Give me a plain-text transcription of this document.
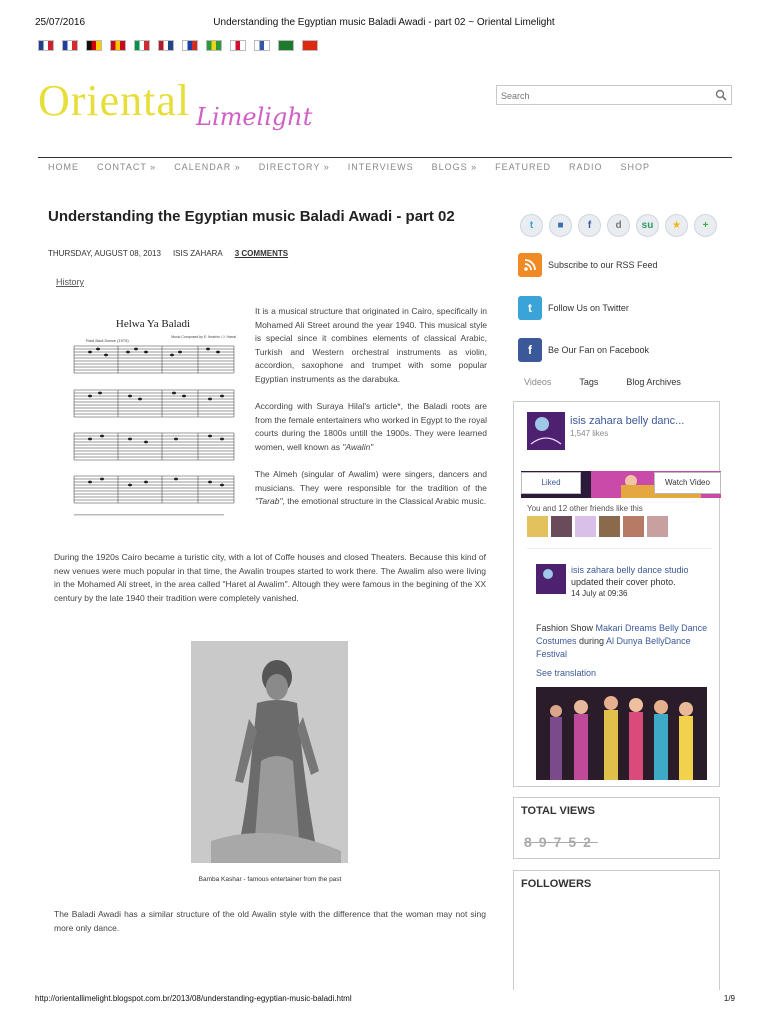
25/07/2016	Understanding the Egyptian music Baladi Awadi - part 02 ~ Oriental Limelight
Oriental Limelight
Search
HOME CONTACT » CALENDAR » DIRECTORY » INTERVIEWS BLOGS » FEATURED RADIO SHOP
Understanding the Egyptian music Baladi Awadi - part 02
THURSDAY, AUGUST 08, 2013 ISIS ZAHARA 3 COMMENTS
History
Helwa Ya Baladi
Raid Badi Dance (1975)
Music Composed by E. Ibrahim / J. Harral
It is a musical structure that originated in Cairo, specifically in Mohamed Ali Street around the year 1940. This musical style is special since it combines elements of classical Arabic, Turkish and Western orchestral instruments as violin, accordion, saxophone and trumpet with some popular Egyptian instruments as the darabuka.
According with Suraya Hilal's article*, the Baladi roots are from the female entertainers who worked in Egypt to the royal courts during the 1800s untill the 1900s. They were learned women, well known as "Awalin"
The Almeh (singular of Awalim) were singers, dancers and musicians. They were responsible for the tradition of the "Tarab", the emotional structure in the Classical Arabic music.
During the 1920s Cairo became a turistic city, with a lot of Coffe houses and closed Theaters. Because this kind of new venues were much popular in that time, the Awalin troupes started to work there. The Awalim also were living in the Mohamed Ali street, in the area called "Haret al Awalim". Altough they were famous in the begining of the XX century by the late 1940 their tradition were completely vanished.
Bamba Kashar - famous entertainer from the past
The Baladi Awadi has a similar structure of the old Awalin style with the difference that the woman may not sing more only dance.
t	■	f	d	su	★	+
Subscribe to our RSS Feed
t	Follow Us on Twitter
f	Be Our Fan on Facebook
Videos	Tags	Blog Archives
isis zahara belly danc...
1,547 likes
Liked	Watch Video
You and 12 other friends like this
isis zahara belly dance studio updated their cover photo.
14 July at 09:36
Fashion Show Makari Dreams Belly Dance Costumes during Al Dunya BellyDance Festival
See translation
TOTAL VIEWS
89752
FOLLOWERS
http://orientallimelight.blogspot.com.br/2013/08/understanding-egyptian-music-baladi.html	1/9
